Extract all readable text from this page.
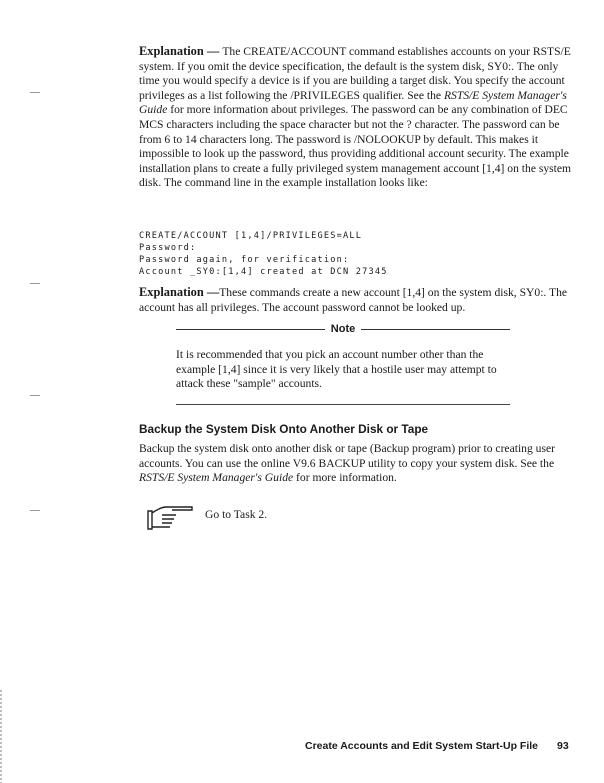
Explanation — The CREATE/ACCOUNT command establishes accounts on your RSTS/E system. If you omit the device specification, the default is the system disk, SY0:. The only time you would specify a device is if you are building a target disk. You specify the account privileges as a list following the /PRIVILEGES qualifier. See the RSTS/E System Manager's Guide for more information about privileges. The password can be any combination of DEC MCS characters including the space character but not the ? character. The password can be from 6 to 14 characters long. The password is /NOLOOKUP by default. This makes it impossible to look up the password, thus providing additional account security. The example installation plans to create a fully privileged system management account [1,4] on the system disk. The command line in the example installation looks like:
CREATE/ACCOUNT [1,4]/PRIVILEGES=ALL
Password:
Password again, for verification:
Account _SY0:[1,4] created at DCN 27345
Explanation —These commands create a new account [1,4] on the system disk, SY0:. The account has all privileges. The account password cannot be looked up.
Note
It is recommended that you pick an account number other than the example [1,4] since it is very likely that a hostile user may attempt to attack these "sample" accounts.
Backup the System Disk Onto Another Disk or Tape
Backup the system disk onto another disk or tape (Backup program) prior to creating user accounts. You can use the online V9.6 BACKUP utility to copy your system disk. See the RSTS/E System Manager's Guide for more information.
Go to Task 2.
Create Accounts and Edit System Start-Up File 93
